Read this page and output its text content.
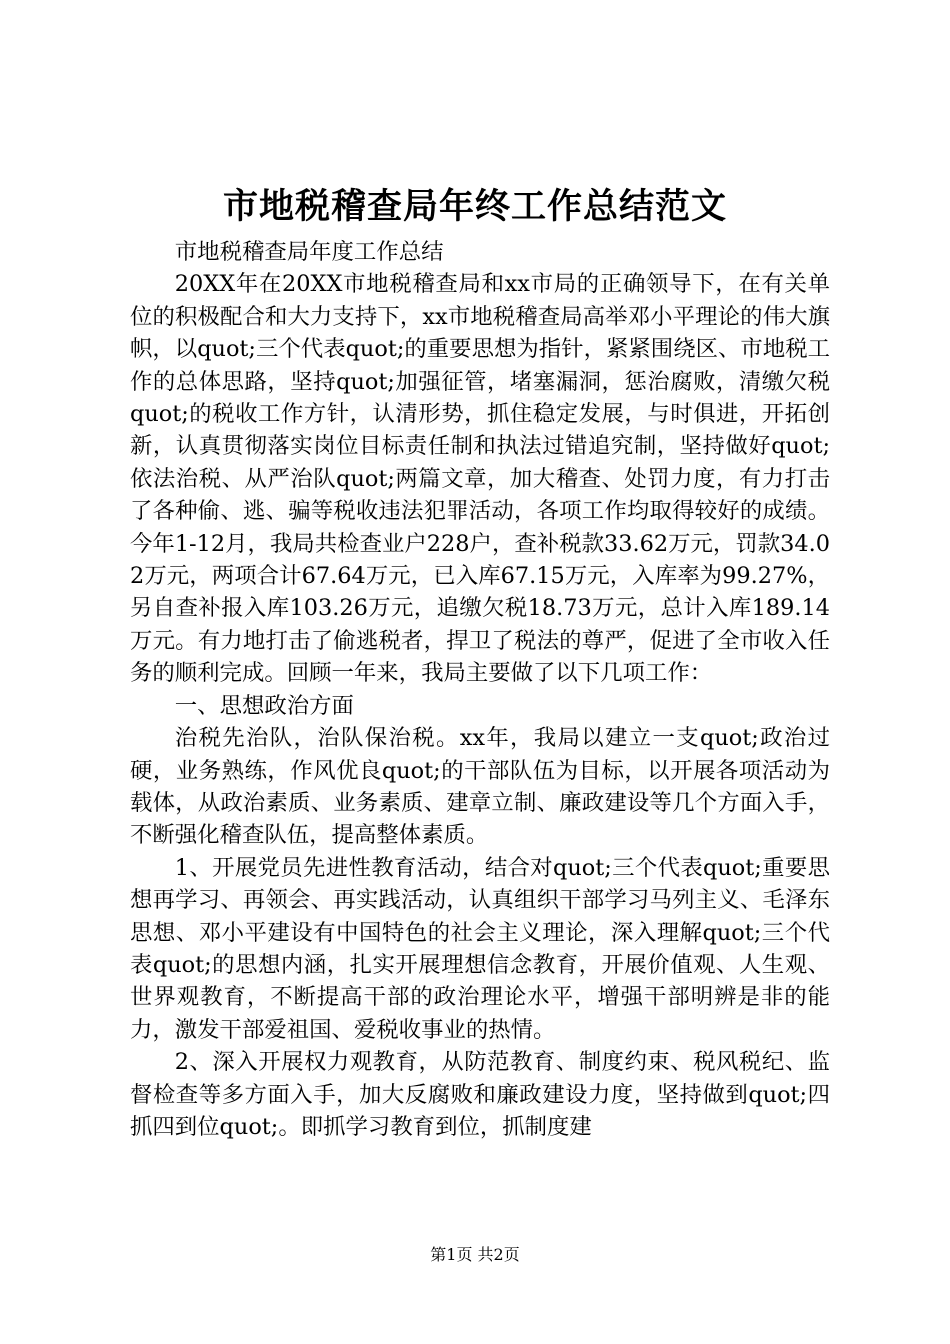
市地税稽查局年终工作总结范文

市地税稽查局年度工作总结

20XX年在20XX市地税稽查局和xx市局的正确领导下，在有关单位的积极配合和大力支持下，xx市地税稽查局高举邓小平理论的伟大旗帜，以quot;三个代表quot;的重要思想为指针，紧紧围绕区、市地税工作的总体思路，坚持quot;加强征管，堵塞漏洞，惩治腐败，清缴欠税quot;的税收工作方针，认清形势，抓住稳定发展，与时俱进，开拓创新，认真贯彻落实岗位目标责任制和执法过错追究制，坚持做好quot;依法治税、从严治队quot;两篇文章，加大稽查、处罚力度，有力打击了各种偷、逃、骗等税收违法犯罪活动，各项工作均取得较好的成绩。今年1-12月，我局共检查业户228户，查补税款33.62万元，罚款34.02万元，两项合计67.64万元，已入库67.15万元，入库率为99.27%，另自查补报入库103.26万元，追缴欠税18.73万元，总计入库189.14万元。有力地打击了偷逃税者，捍卫了税法的尊严，促进了全市收入任务的顺利完成。回顾一年来，我局主要做了以下几项工作：

一、思想政治方面

治税先治队，治队保治税。xx年，我局以建立一支quot;政治过硬，业务熟练，作风优良quot;的干部队伍为目标，以开展各项活动为载体，从政治素质、业务素质、建章立制、廉政建设等几个方面入手，不断强化稽查队伍，提高整体素质。

1、开展党员先进性教育活动，结合对quot;三个代表quot;重要思想再学习、再领会、再实践活动，认真组织干部学习马列主义、毛泽东思想、邓小平建设有中国特色的社会主义理论，深入理解quot;三个代表quot;的思想内涵，扎实开展理想信念教育，开展价值观、人生观、世界观教育，不断提高干部的政治理论水平，增强干部明辨是非的能力，激发干部爱祖国、爱税收事业的热情。

2、深入开展权力观教育，从防范教育、制度约束、税风税纪、监督检查等多方面入手，加大反腐败和廉政建设力度，坚持做到quot;四抓四到位quot;。即抓学习教育到位，抓制度建

第1页 共2页
